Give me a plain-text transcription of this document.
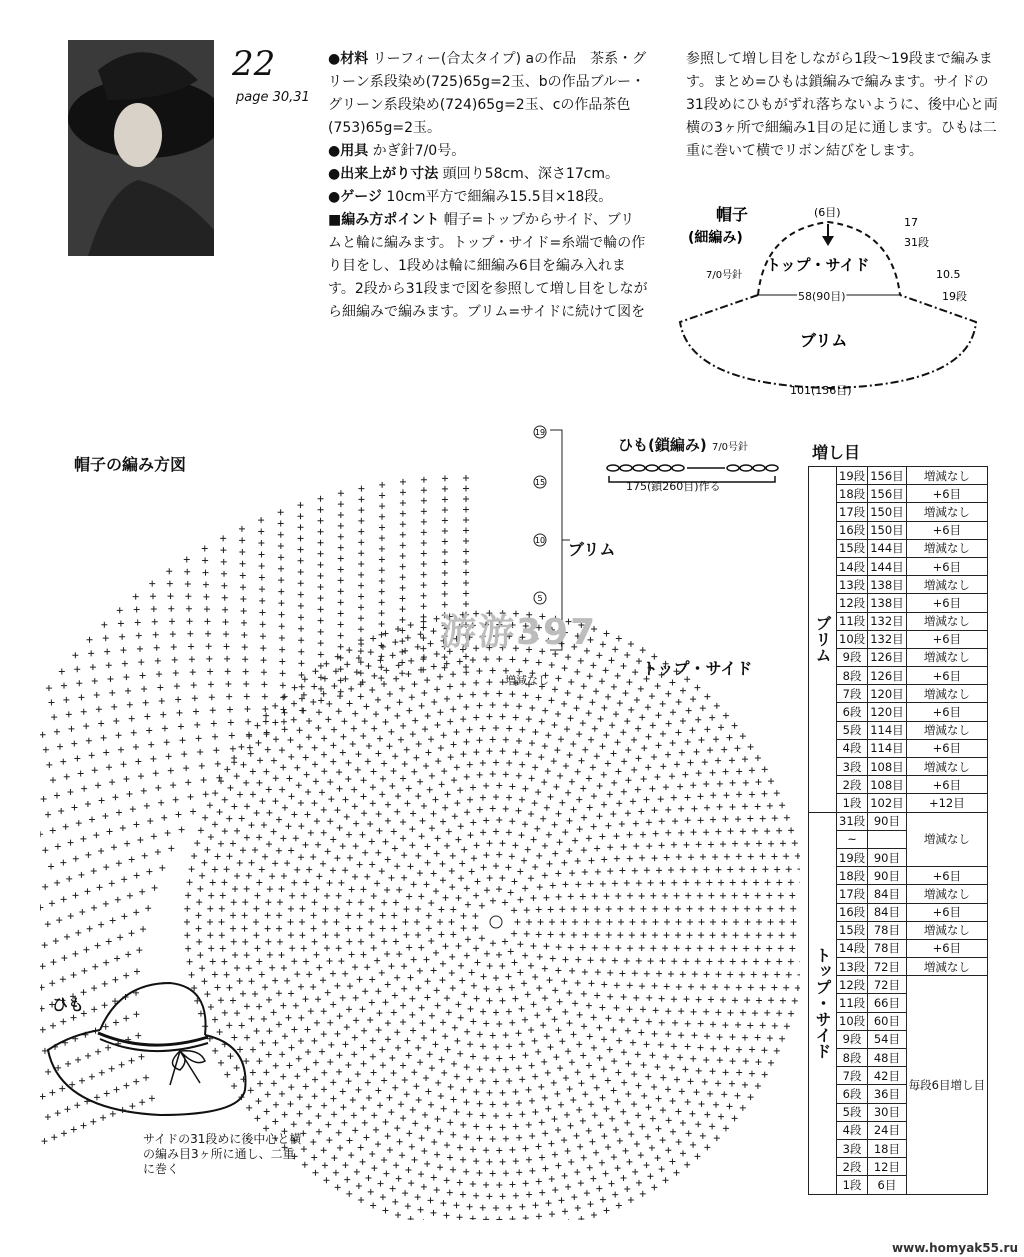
22
page 30,31
●材料 リーフィー(合太タイプ) aの作品　茶系・グリーン系段染め(725)65g=2玉、bの作品ブルー・グリーン系段染め(724)65g=2玉、cの作品茶色(753)65g=2玉。
●用具 かぎ針7/0号。
●出来上がり寸法 頭回り58cm、深さ17cm。
●ゲージ 10cm平方で細編み15.5目×18段。
■編み方ポイント 帽子=トップからサイド、ブリムと輪に編みます。トップ・サイド=糸端で輪の作り目をし、1段めは輪に細編み6目を編み入れます。2段から31段まで図を参照して増し目をしながら細編みで編みます。ブリム=サイドに続けて図を
参照して増し目をしながら1段～19段まで編みます。まとめ=ひもは鎖編みで編みます。サイドの31段めにひもがずれ落ちないように、後中心と両横の3ヶ所で細編み1目の足に通します。ひもは二重に巻いて横でリボン結びをします。
帽子
(細編み)
7/0号針
(6目)
トップ・サイド
58(90目)
17
31段
10.5
19段
ブリム
101(156目)
19
15
10
5
帽子の編み方図
游游397
ブリム
トップ・サイド
増減なし
ひも(鎖編み) 7/0号針
175(鎖260目)作る
ひも
サイドの31段めに後中心と横の編み目3ヶ所に通し、二重に巻く
増し目
ブリム	19段	156目	増減なし
	18段	156目	+6目
	17段	150目	増減なし
	16段	150目	+6目
	15段	144目	増減なし
	14段	144目	+6目
	13段	138目	増減なし
	12段	138目	+6目
	11段	132目	増減なし
	10段	132目	+6目
	9段	126目	増減なし
	8段	126目	+6目
	7段	120目	増減なし
	6段	120目	+6目
	5段	114目	増減なし
	4段	114目	+6目
	3段	108目	増減なし
	2段	108目	+6目
	1段	102目	+12目
トップ・サイド	31段	90目	増減なし
	~		
	19段	90目	
	18段	90目	+6目
	17段	84目	増減なし
	16段	84目	+6目
	15段	78目	増減なし
	14段	78目	+6目
	13段	72目	増減なし
	12段	72目	毎段6目増し目
	11段	66目	
	10段	60目	
	9段	54目	
	8段	48目	
	7段	42目	
	6段	36目	
	5段	30目	
	4段	24目	
	3段	18目	
	2段	12目	
	1段	6目	
www.homyak55.ru
